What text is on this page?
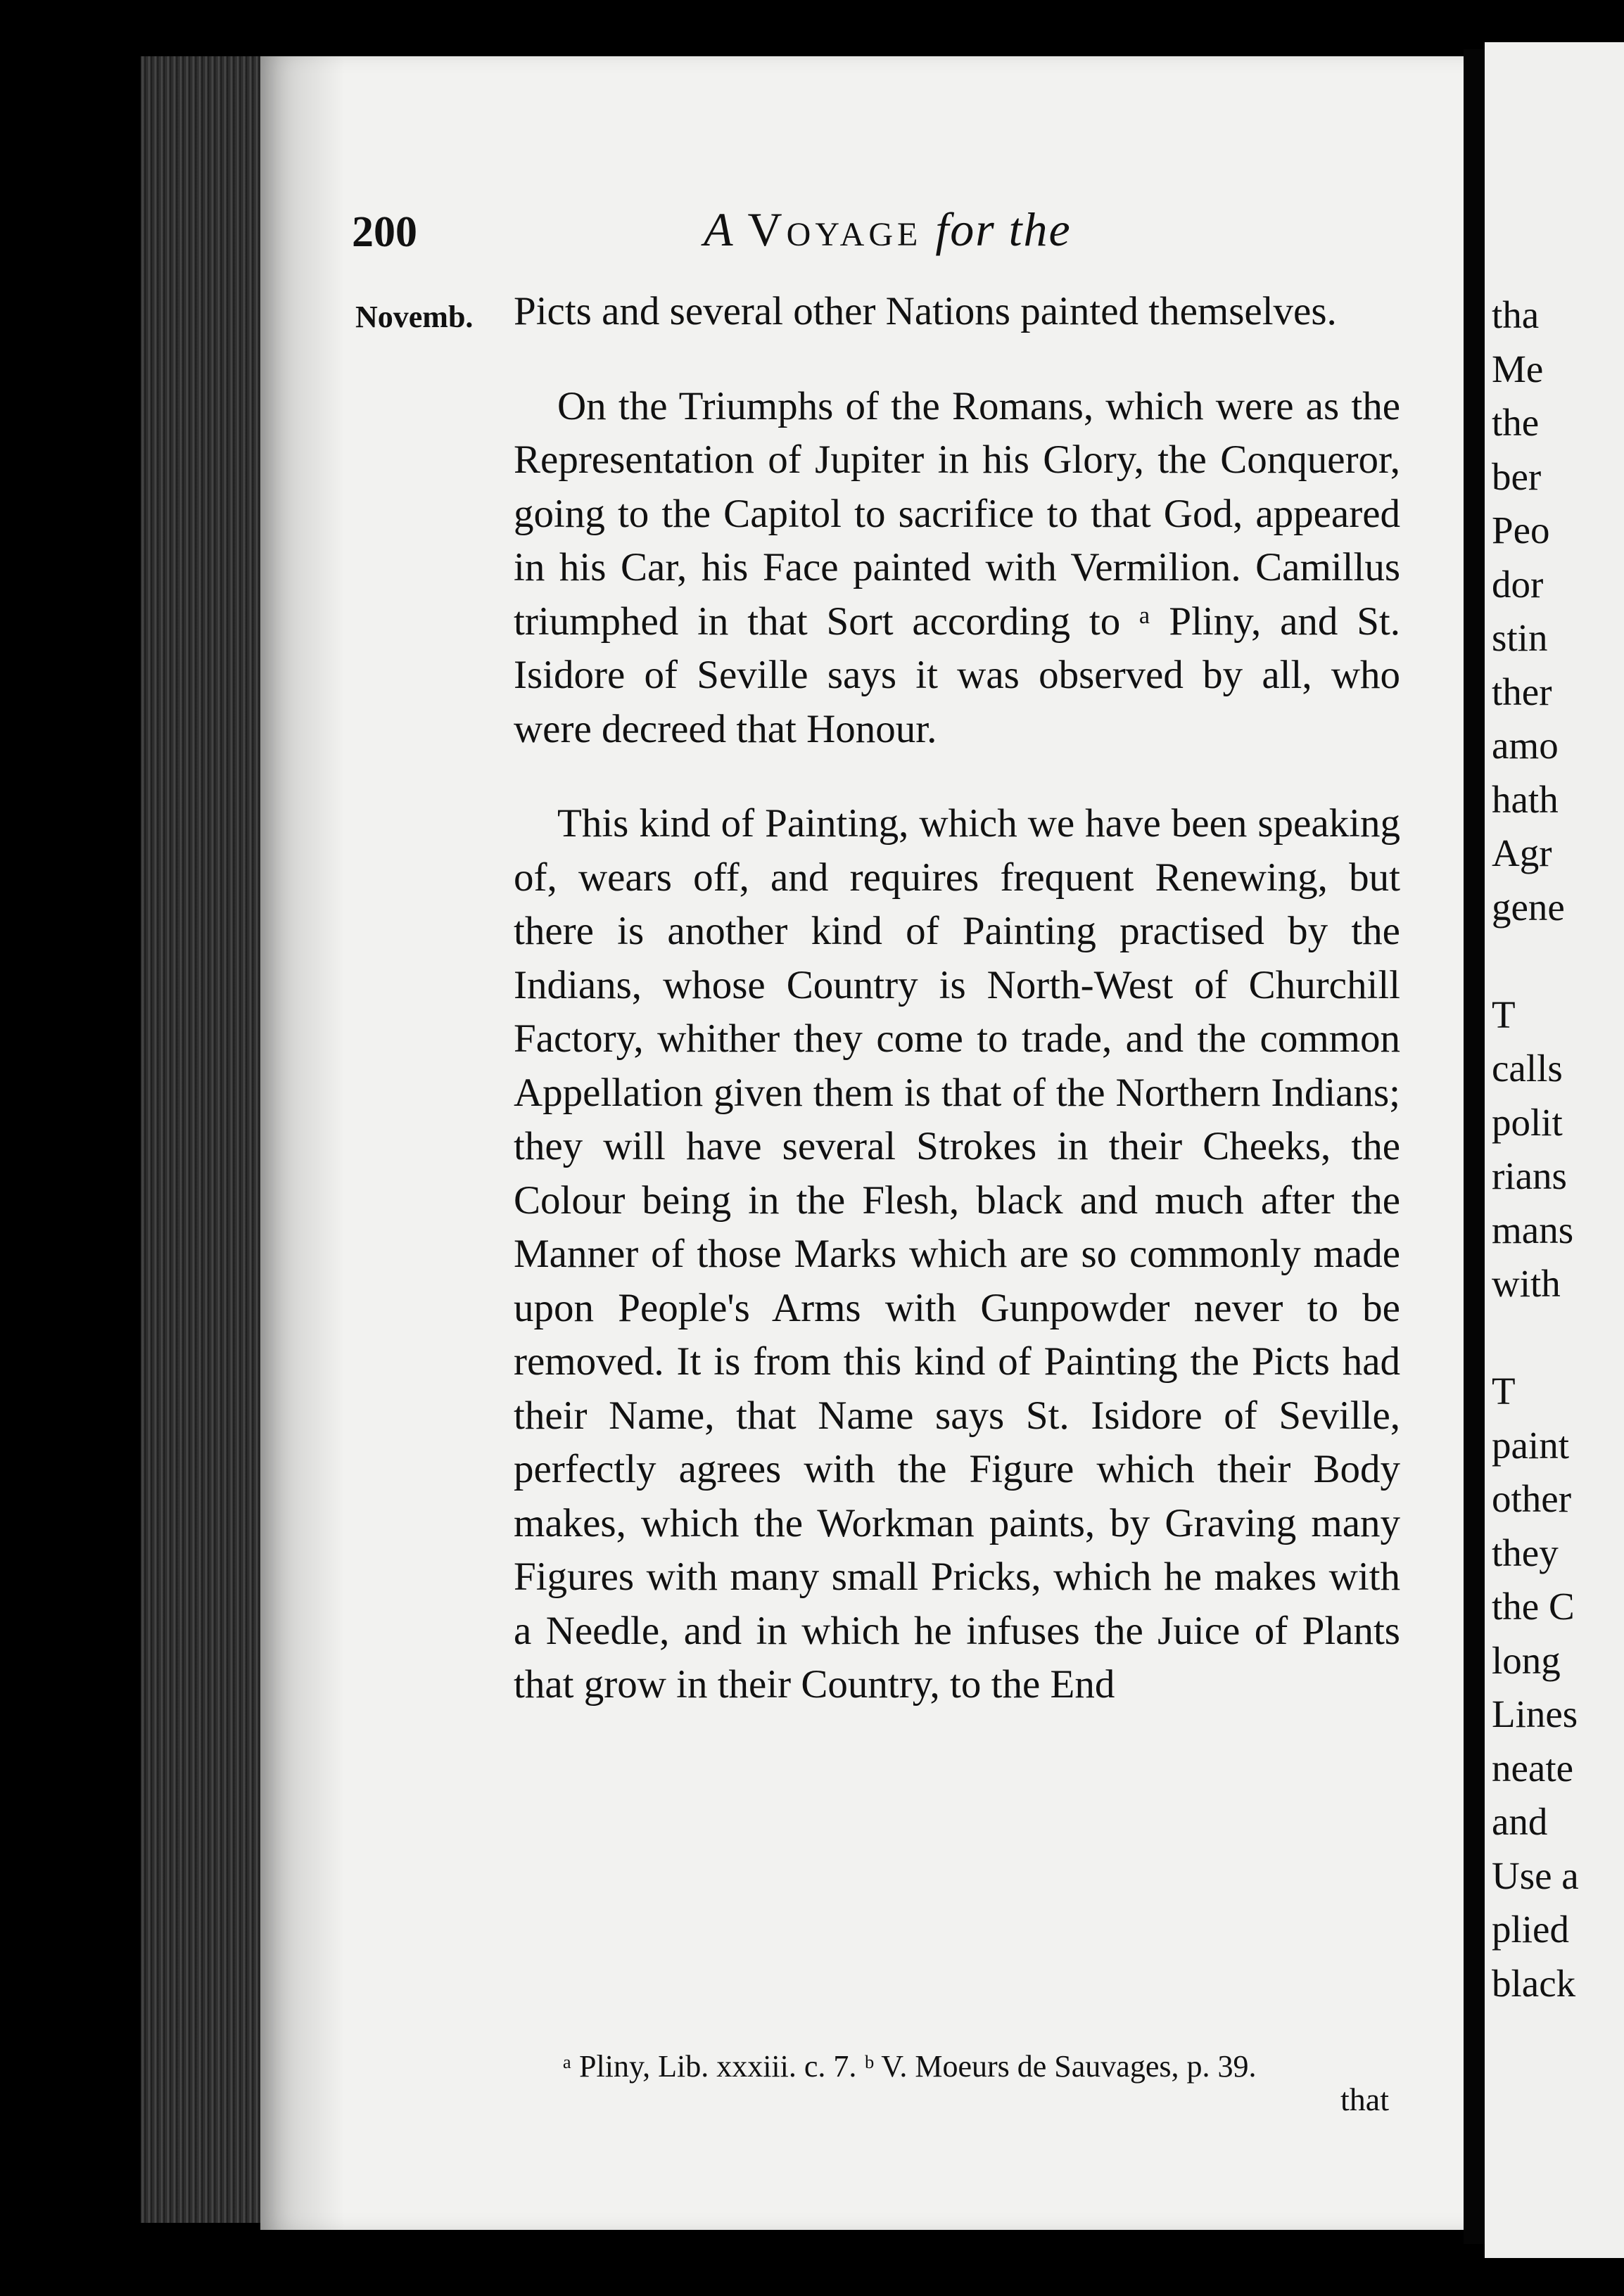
200	A Voyage for the
Novemb. Picts and several other Nations painted themselves.

On the Triumphs of the Romans, which were as the Representation of Jupiter in his Glory, the Conqueror, going to the Capitol to sacrifice to that God, appeared in his Car, his Face painted with Vermilion. Camillus triumphed in that Sort according to ᵃ Pliny, and St. Isidore of Seville says it was observed by all, who were decreed that Honour.

This kind of Painting, which we have been speaking of, wears off, and requires frequent Renewing, but there is another kind of Painting practised by the Indians, whose Country is North-West of Churchill Factory, whither they come to trade, and the common Appellation given them is that of the Northern Indians; they will have several Strokes in their Cheeks, the Colour being in the Flesh, black and much after the Manner of those Marks which are so commonly made upon People's Arms with Gunpowder never to be removed. It is from this kind of Painting the Picts had their Name, that Name says St. Isidore of Seville, perfectly agrees with the Figure which their Body makes, which the Workman paints, by Graving many Figures with many small Pricks, which he makes with a Needle, and in which he infuses the Juice of Plants that grow in their Country, to the End

ᵃ Pliny, Lib. xxxiii. c. 7. ᵇ V. Moeurs de Sauvages, p. 39.
that
tha
Me
the
ber
Peo
dor
stin
ther
amo
hath
Agr
gene

T
calls
polit
rians
mans
with

T
paint
other
they
the C
long
Lines
neate
and
Use a
plied
black
